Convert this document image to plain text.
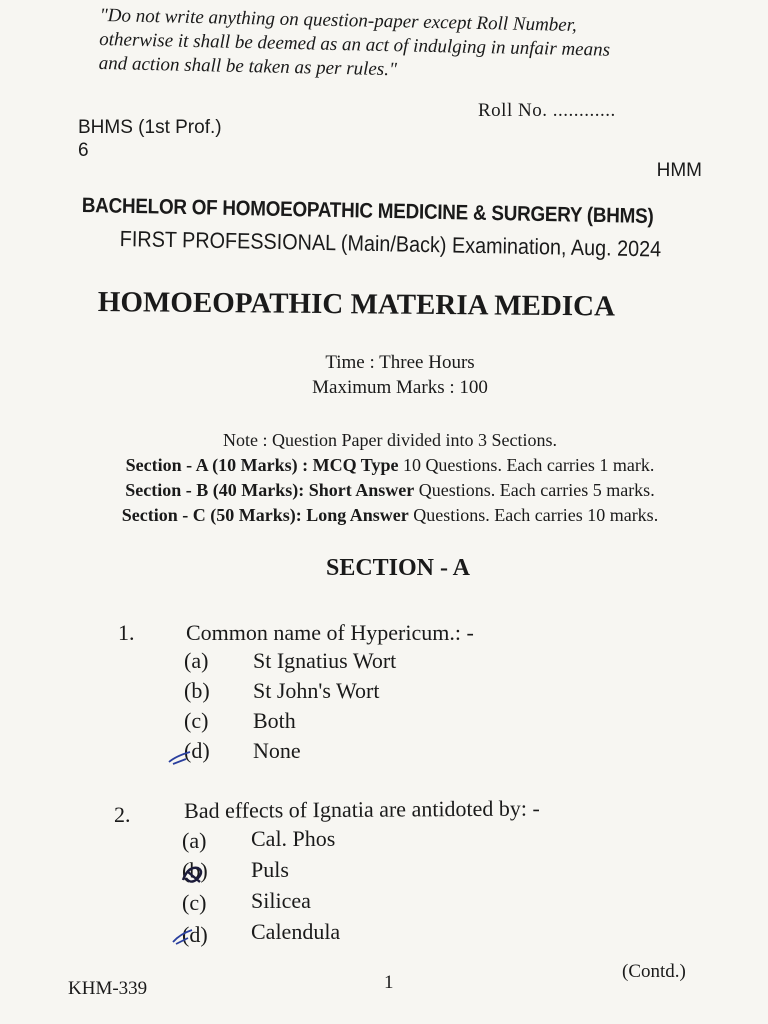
"Do not write anything on question-paper except Roll Number,
otherwise it shall be deemed as an act of indulging in unfair means
and action shall be taken as per rules."
Roll No. ............
BHMS (1st Prof.)
6
HMM
BACHELOR OF HOMOEOPATHIC MEDICINE & SURGERY (BHMS)
FIRST PROFESSIONAL (Main/Back) Examination, Aug. 2024
HOMOEOPATHIC MATERIA MEDICA
Time : Three Hours
Maximum Marks : 100
Note : Question Paper divided into 3 Sections.
Section - A (10 Marks) : MCQ Type 10 Questions. Each carries 1 mark.
Section - B (40 Marks): Short Answer Questions. Each carries 5 marks.
Section - C (50 Marks): Long Answer Questions. Each carries 10 marks.
SECTION - A
1. Common name of Hypericum.: -
(a) St Ignatius Wort
(b) St John's Wort
(c) Both
(d) None
2. Bad effects of Ignatia are antidoted by: -
(a) Cal. Phos
(b) Puls
(c) Silicea
(d) Calendula
KHM-339	1
(Contd.)
